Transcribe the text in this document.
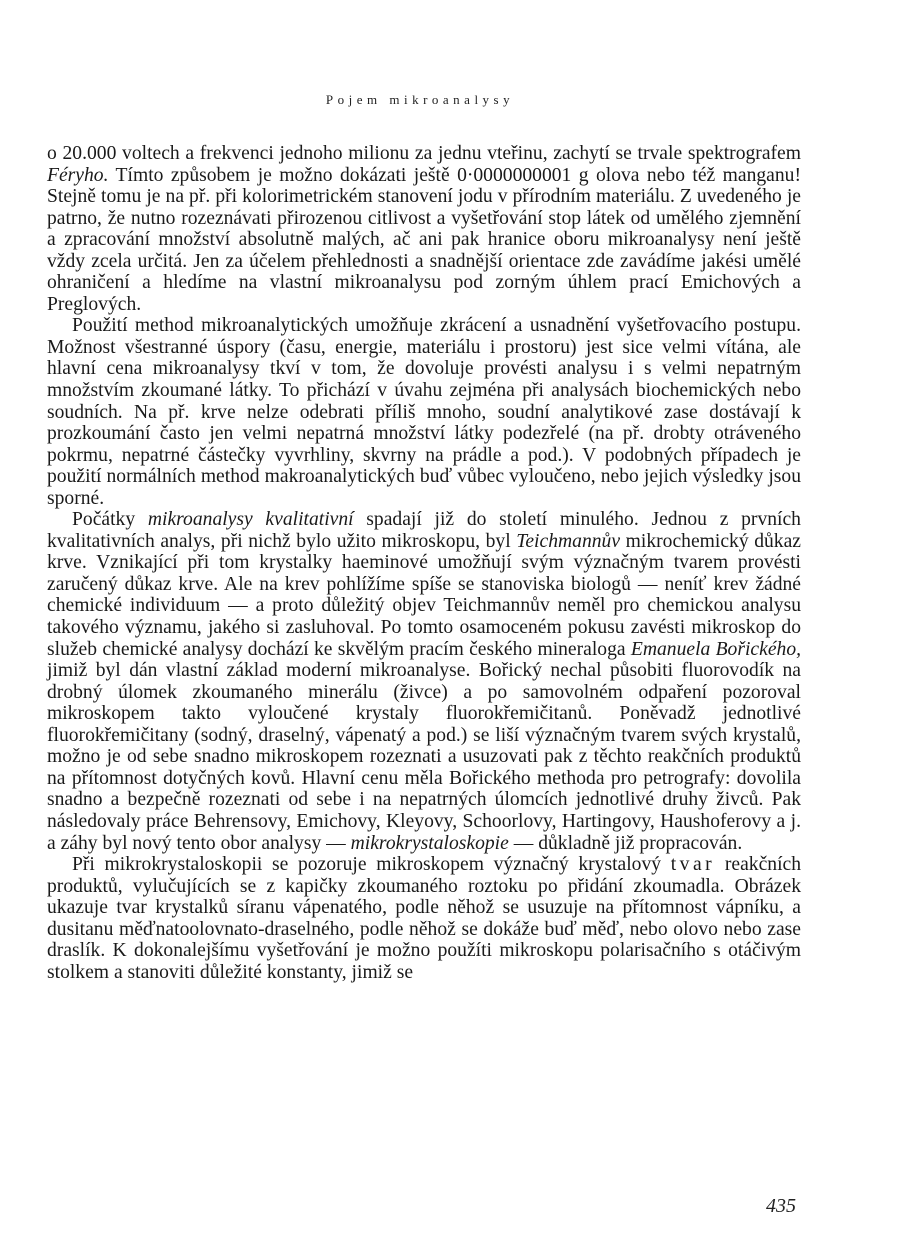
Pojem mikroanalysy

o 20.000 voltech a frekvenci jednoho milionu za jednu vteřinu, zachytí se trvale spektrografem Féryho. Tímto způsobem je možno dokázati ještě 0·0000000001 g olova nebo též manganu! Stejně tomu je na př. při kolorimetrickém stanovení jodu v přírodním materiálu. Z uvedeného je patrno, že nutno rozeznávati přirozenou citlivost a vyšetřování stop látek od umělého zjemnění a zpracování množství absolutně malých, ač ani pak hranice oboru mikroanalysy není ještě vždy zcela určitá. Jen za účelem přehlednosti a snadnější orientace zde zavádíme jakési umělé ohraničení a hledíme na vlastní mikroanalysu pod zorným úhlem prací Emichových a Preglových.

Použití method mikroanalytických umožňuje zkrácení a usnadnění vyšetřovacího postupu. Možnost všestranné úspory (času, energie, materiálu i prostoru) jest sice velmi vítána, ale hlavní cena mikroanalysy tkví v tom, že dovoluje provésti analysu i s velmi nepatrným množstvím zkoumané látky. To přichází v úvahu zejména při analysách biochemických nebo soudních. Na př. krve nelze odebrati příliš mnoho, soudní analytikové zase dostávají k prozkoumání často jen velmi nepatrná množství látky podezřelé (na př. drobty otráveného pokrmu, nepatrné částečky vyvrhliny, skvrny na prádle a pod.). V podobných případech je použití normálních method makroanalytických buď vůbec vyloučeno, nebo jejich výsledky jsou sporné.

Počátky mikroanalysy kvalitativní spadají již do století minulého. Jednou z prvních kvalitativních analys, při nichž bylo užito mikroskopu, byl Teichmannův mikrochemický důkaz krve. Vznikající při tom krystalky haeminové umožňují svým význačným tvarem provésti zaručený důkaz krve. Ale na krev pohlížíme spíše se stanoviska biologů — neníť krev žádné chemické individuum — a proto důležitý objev Teichmannův neměl pro chemickou analysu takového významu, jakého si zasluhoval. Po tomto osamoceném pokusu zavésti mikroskop do služeb chemické analysy dochází ke skvělým pracím českého mineraloga Emanuela Bořického, jimiž byl dán vlastní základ moderní mikroanalyse. Bořický nechal působiti fluorovodík na drobný úlomek zkoumaného minerálu (živce) a po samovolném odpaření pozoroval mikroskopem takto vyloučené krystaly fluorokřemičitanů. Poněvadž jednotlivé fluorokřemičitany (sodný, draselný, vápenatý a pod.) se liší význačným tvarem svých krystalů, možno je od sebe snadno mikroskopem rozeznati a usuzovati pak z těchto reakčních produktů na přítomnost dotyčných kovů. Hlavní cenu měla Bořického methoda pro petrografy: dovolila snadno a bezpečně rozeznati od sebe i na nepatrných úlomcích jednotlivé druhy živců. Pak následovaly práce Behrensovy, Emichovy, Kleyovy, Schoorlovy, Hartingovy, Haushoferovy a j. a záhy byl nový tento obor analysy — mikrokrystaloskopie — důkladně již propracován.

Při mikrokrystaloskopii se pozoruje mikroskopem význačný krystalový tvar reakčních produktů, vylučujících se z kapičky zkoumaného roztoku po přidání zkoumadla. Obrázek ukazuje tvar krystalků síranu vápenatého, podle něhož se usuzuje na přítomnost vápníku, a dusitanu měďnatoolovnato-draselného, podle něhož se dokáže buď měď, nebo olovo nebo zase draslík. K dokonalejšímu vyšetřování je možno použíti mikroskopu polarisačního s otáčivým stolkem a stanoviti důležité konstanty, jimiž se

435
